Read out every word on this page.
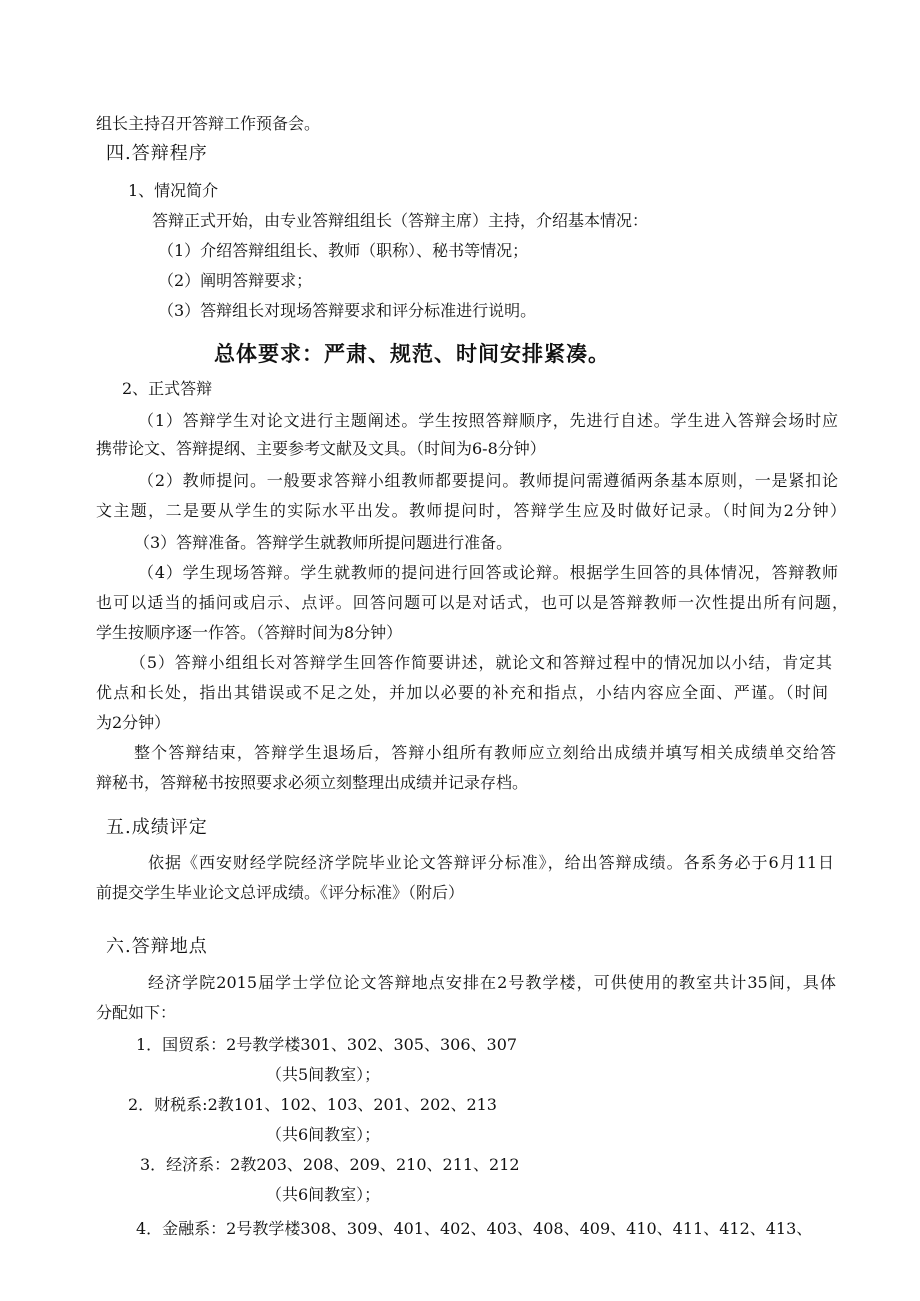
组长主持召开答辩工作预备会。

四.答辩程序

1、情况简介

答辩正式开始，由专业答辩组组长（答辩主席）主持，介绍基本情况：

（1）介绍答辩组组长、教师（职称）、秘书等情况；

（2）阐明答辩要求；

（3）答辩组长对现场答辩要求和评分标准进行说明。

总体要求：严肃、规范、时间安排紧凑。

2、正式答辩

（1）答辩学生对论文进行主题阐述。学生按照答辩顺序，先进行自述。学生进入答辩会场时应

携带论文、答辩提纲、主要参考文献及文具。（时间为6-8分钟）

（2）教师提问。一般要求答辩小组教师都要提问。教师提问需遵循两条基本原则，一是紧扣论

文主题，二是要从学生的实际水平出发。教师提问时，答辩学生应及时做好记录。（时间为2分钟）

（3）答辩准备。答辩学生就教师所提问题进行准备。

（4）学生现场答辩。学生就教师的提问进行回答或论辩。根据学生回答的具体情况，答辩教师

也可以适当的插问或启示、点评。回答问题可以是对话式，也可以是答辩教师一次性提出所有问题，

学生按顺序逐一作答。（答辩时间为8分钟）

（5）答辩小组组长对答辩学生回答作简要讲述，就论文和答辩过程中的情况加以小结，肯定其

优点和长处，指出其错误或不足之处，并加以必要的补充和指点，小结内容应全面、严谨。（时间

为2分钟）

整个答辩结束，答辩学生退场后，答辩小组所有教师应立刻给出成绩并填写相关成绩单交给答

辩秘书，答辩秘书按照要求必须立刻整理出成绩并记录存档。

五.成绩评定

依据《西安财经学院经济学院毕业论文答辩评分标准》，给出答辩成绩。各系务必于6月11日

前提交学生毕业论文总评成绩。《评分标准》（附后）

六.答辩地点

经济学院2015届学士学位论文答辩地点安排在2号教学楼，可供使用的教室共计35间，具体

分配如下：

1．国贸系：2号教学楼301、302、305、306、307

（共5间教室）；

2．财税系:2教101、102、103、201、202、213

（共6间教室）；

3．经济系：2教203、208、209、210、211、212

（共6间教室）；

4．金融系：2号教学楼308、309、401、402、403、408、409、410、411、412、413、
